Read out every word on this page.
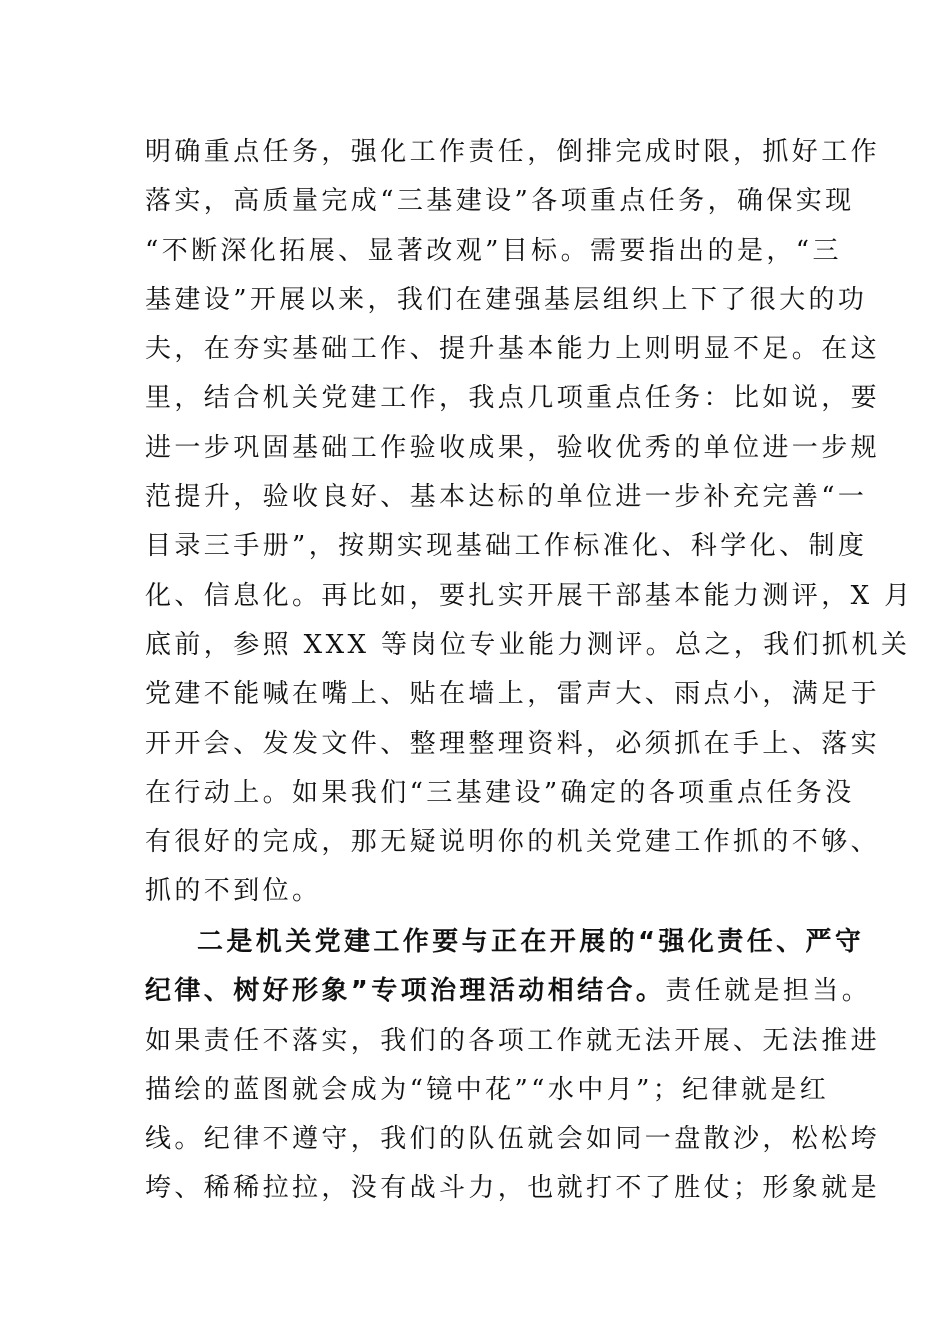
明确重点任务，强化工作责任，倒排完成时限，抓好工作
落实，高质量完成“三基建设”各项重点任务，确保实现
“不断深化拓展、显著改观”目标。需要指出的是，“三
基建设”开展以来，我们在建强基层组织上下了很大的功
夫，在夯实基础工作、提升基本能力上则明显不足。在这
里，结合机关党建工作，我点几项重点任务：比如说，要
进一步巩固基础工作验收成果，验收优秀的单位进一步规
范提升，验收良好、基本达标的单位进一步补充完善“一
目录三手册”，按期实现基础工作标准化、科学化、制度
化、信息化。再比如，要扎实开展干部基本能力测评，X 月
底前，参照 XXX 等岗位专业能力测评。总之，我们抓机关
党建不能喊在嘴上、贴在墙上，雷声大、雨点小，满足于
开开会、发发文件、整理整理资料，必须抓在手上、落实
在行动上。如果我们“三基建设”确定的各项重点任务没
有很好的完成，那无疑说明你的机关党建工作抓的不够、
抓的不到位。
二是机关党建工作要与正在开展的“强化责任、严守
纪律、树好形象”专项治理活动相结合。责任就是担当。
如果责任不落实，我们的各项工作就无法开展、无法推进
描绘的蓝图就会成为“镜中花”“水中月”；纪律就是红
线。纪律不遵守，我们的队伍就会如同一盘散沙，松松垮
垮、稀稀拉拉，没有战斗力，也就打不了胜仗；形象就是
